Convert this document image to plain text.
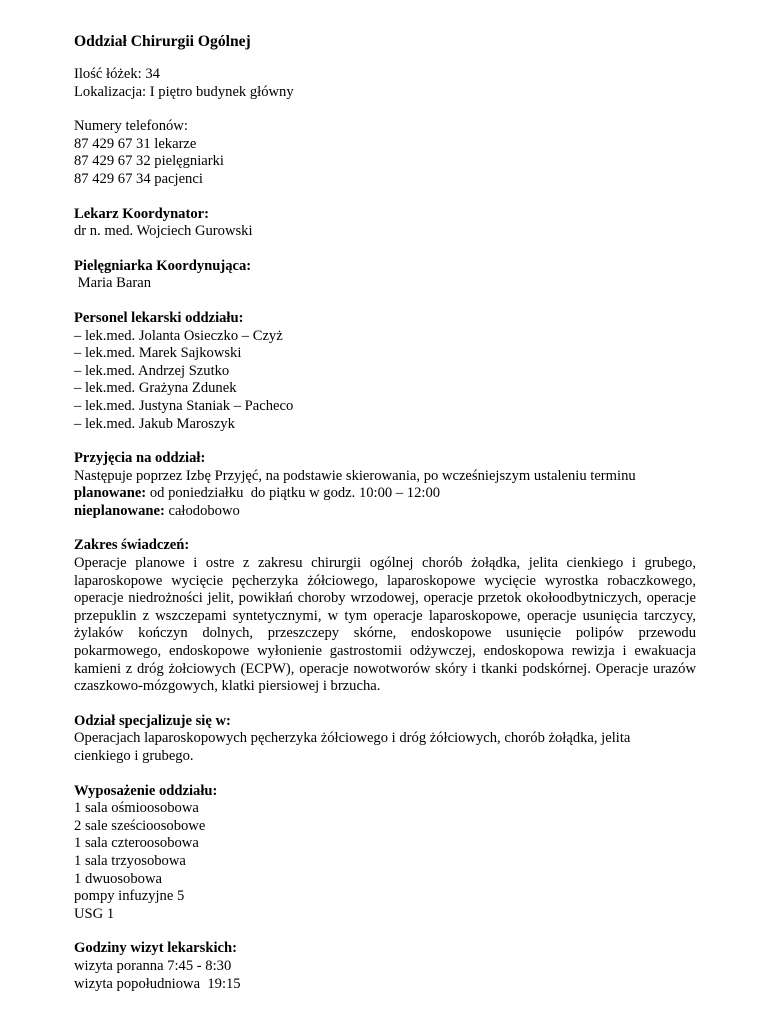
Oddział Chirurgii Ogólnej
Ilość łóżek: 34
Lokalizacja: I piętro budynek główny
Numery telefonów:
87 429 67 31 lekarze
87 429 67 32 pielęgniarki
87 429 67 34 pacjenci
Lekarz Koordynator:
dr n. med. Wojciech Gurowski
Pielęgniarka Koordynująca:
Maria Baran
Personel lekarski oddziału:
– lek.med. Jolanta Osieczko – Czyż
– lek.med. Marek Sajkowski
– lek.med. Andrzej Szutko
– lek.med. Grażyna Zdunek
– lek.med. Justyna Staniak – Pacheco
– lek.med. Jakub Maroszyk
Przyjęcia na oddział:
Następuje poprzez Izbę Przyjęć, na podstawie skierowania, po wcześniejszym ustaleniu terminu
planowane: od poniedziałku  do piątku w godz. 10:00 – 12:00
nieplanowane: całodobowo
Zakres świadczeń:
Operacje planowe i ostre z zakresu chirurgii ogólnej chorób żołądka, jelita cienkiego i grubego, laparoskopowe wycięcie pęcherzyka żółciowego, laparoskopowe wycięcie wyrostka robaczkowego, operacje niedrożności jelit, powikłań choroby wrzodowej, operacje przetok okołoodbytniczych, operacje przepuklin z wszczepami syntetycznymi, w tym operacje laparoskopowe, operacje usunięcia tarczycy, żylaków kończyn dolnych, przeszczepy skórne, endoskopowe usunięcie polipów przewodu pokarmowego, endoskopowe wyłonienie gastrostomii odżywczej, endoskopowa rewizja i ewakuacja kamieni z dróg żołciowych (ECPW), operacje nowotworów skóry i tkanki podskórnej. Operacje urazów czaszkowo-mózgowych, klatki piersiowej i brzucha.
Odział specjalizuje się w:
Operacjach laparoskopowych pęcherzyka żółciowego i dróg żółciowych, chorób żołądka, jelita
cienkiego i grubego.
Wyposażenie oddziału:
1 sala ośmioosobowa
2 sale sześcioosobowe
1 sala czteroosobowa
1 sala trzyosobowa
1 dwuosobowa
pompy infuzyjne 5
USG 1
Godziny wizyt lekarskich:
wizyta poranna 7:45 - 8:30
wizyta popołudniowa  19:15
